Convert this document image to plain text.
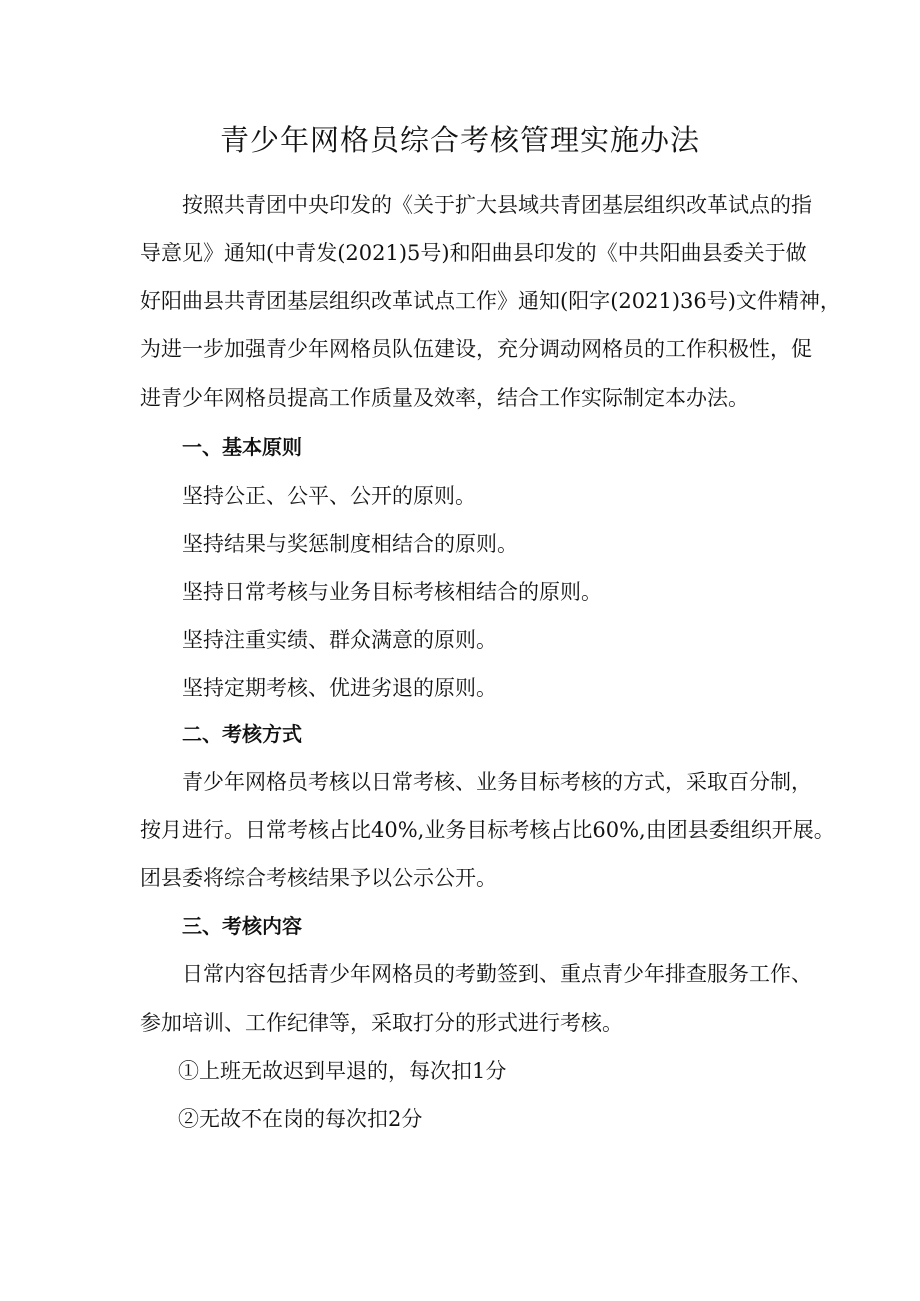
青少年网格员综合考核管理实施办法
按照共青团中央印发的《关于扩大县域共青团基层组织改革试点的指
导意见》通知(中青发(2021)5号)和阳曲县印发的《中共阳曲县委关于做
好阳曲县共青团基层组织改革试点工作》通知(阳字(2021)36号)文件精神，
为进一步加强青少年网格员队伍建设，充分调动网格员的工作积极性，促
进青少年网格员提高工作质量及效率，结合工作实际制定本办法。
一、基本原则
坚持公正、公平、公开的原则。
坚持结果与奖惩制度相结合的原则。
坚持日常考核与业务目标考核相结合的原则。
坚持注重实绩、群众满意的原则。
坚持定期考核、优进劣退的原则。
二、考核方式
青少年网格员考核以日常考核、业务目标考核的方式，采取百分制，
按月进行。日常考核占比40%,业务目标考核占比60%,由团县委组织开展。
团县委将综合考核结果予以公示公开。
三、考核内容
日常内容包括青少年网格员的考勤签到、重点青少年排查服务工作、
参加培训、工作纪律等，采取打分的形式进行考核。
①上班无故迟到早退的，每次扣1分
②无故不在岗的每次扣2分
